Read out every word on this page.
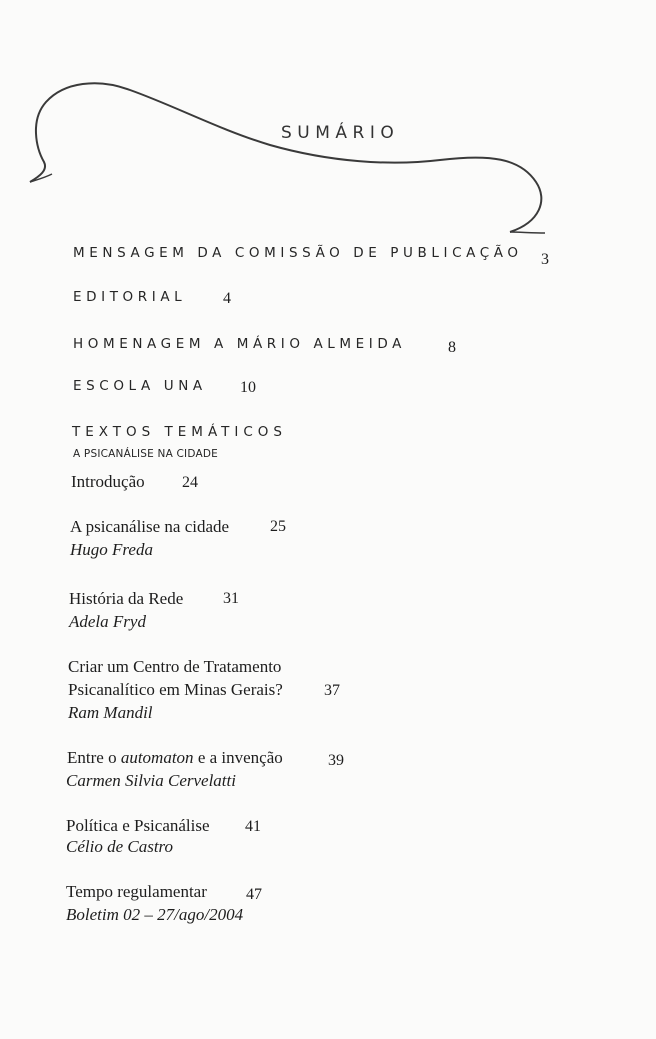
SUMÁRIO
MENSAGEM DA COMISSÃO DE PUBLICAÇÃO 3
EDITORIAL 4
HOMENAGEM A MÁRIO ALMEIDA	8
ESCOLA UNA 10
TEXTOS TEMÁTICOS
A PSICANÁLISE NA CIDADE
Introdução 24
A psicanálise na cidade	25
Hugo Freda
História da Rede 31
Adela Fryd
Criar um Centro de Tratamento
Psicanalítico em Minas Gerais?	37
Ram Mandil
Entre o automaton e a invenção	39
Carmen Silvia Cervelatti
Política e Psicanálise 41
Célio de Castro
Tempo regulamentar 47
Boletim 02 – 27/ago/2004
